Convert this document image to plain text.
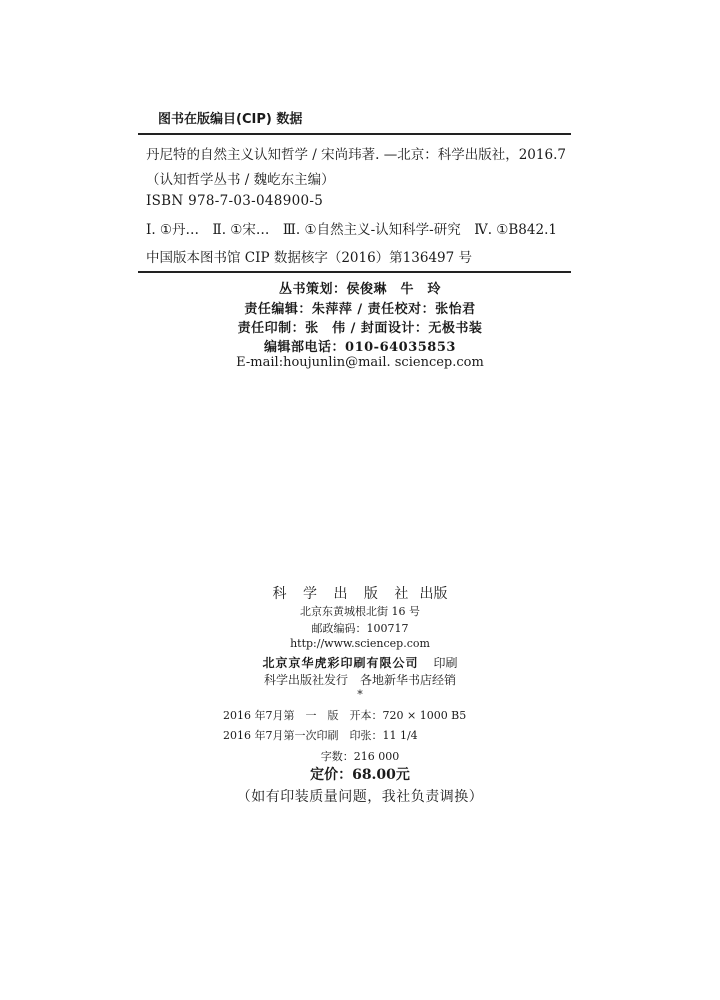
图书在版编目(CIP) 数据
丹尼特的自然主义认知哲学 / 宋尚玮著. —北京：科学出版社，2016.7
（认知哲学丛书 / 魏屹东主编）
ISBN 978-7-03-048900-5
Ⅰ. ①丹…　Ⅱ. ①宋…　Ⅲ. ①自然主义-认知科学-研究　Ⅳ. ①B842.1
中国版本图书馆 CIP 数据核字（2016）第136497 号
丛书策划：侯俊琳　牛　玲
责任编辑：朱萍萍 / 责任校对：张怡君
责任印制：张　伟 / 封面设计：无极书装
编辑部电话：010-64035853
E-mail:houjunlin@mail. sciencep.com
科 学 出 版 社 出版
北京东黄城根北街 16 号
邮政编码：100717
http://www.sciencep.com
北京京华虎彩印刷有限公司 印刷
科学出版社发行　各地新华书店经销
*
2016 年7月第　一　版　开本：720 × 1000 B5
2016 年7月第一次印刷　印张：11 1/4
字数：216 000
定价：68.00元
（如有印装质量问题，我社负责调换）
